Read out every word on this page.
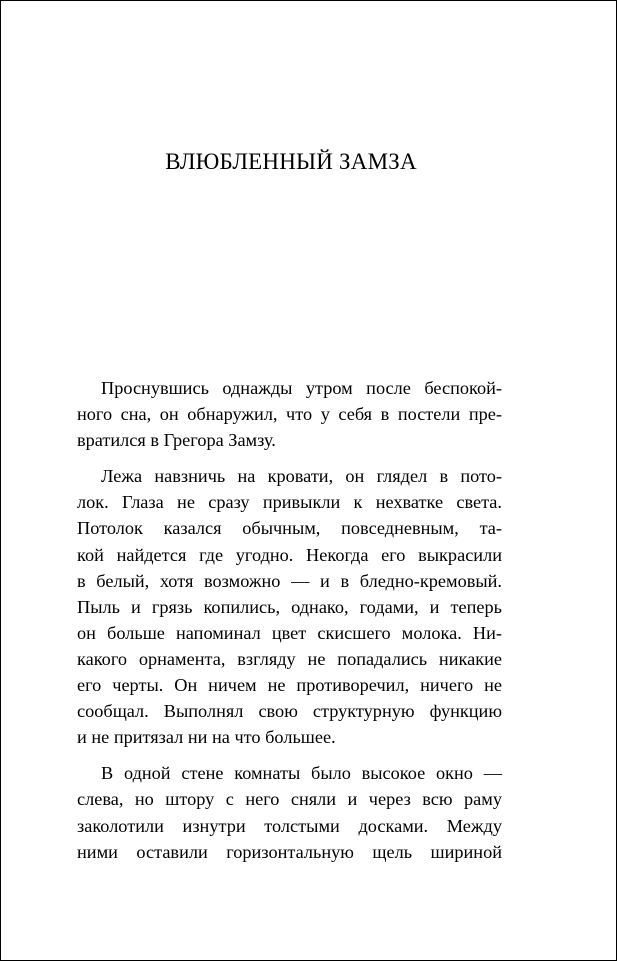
ВЛЮБЛЕННЫЙ ЗАМЗА
Проснувшись однажды утром после беспокой-
ного сна, он обнаружил, что у себя в постели пре-
вратился в Грегора Замзу.
Лежа навзничь на кровати, он глядел в пото-
лок. Глаза не сразу привыкли к нехватке света.
Потолок казался обычным, повседневным, та-
кой найдется где угодно. Некогда его выкрасили
в белый, хотя возможно — и в бледно-кремовый.
Пыль и грязь копились, однако, годами, и теперь
он больше напоминал цвет скисшего молока. Ни-
какого орнамента, взгляду не попадались никакие
его черты. Он ничем не противоречил, ничего не
сообщал. Выполнял свою структурную функцию
и не притязал ни на что большее.
В одной стене комнаты было высокое окно —
слева, но штору с него сняли и через всю раму
заколотили изнутри толстыми досками. Между
ними оставили горизонтальную щель шириной
